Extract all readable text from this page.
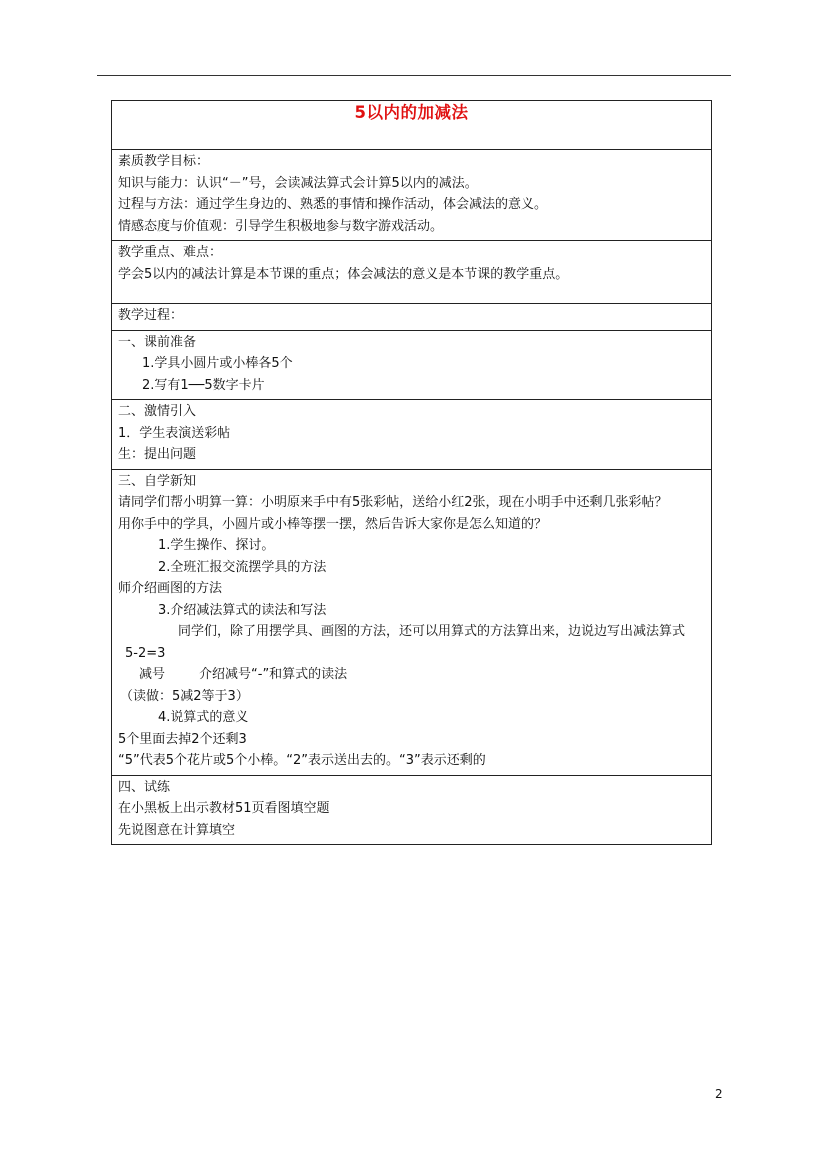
5以内的加减法

素质教学目标：
知识与能力：认识“－”号，会读减法算式会计算5以内的减法。
过程与方法：通过学生身边的、熟悉的事情和操作活动，体会减法的意义。
情感态度与价值观：引导学生积极地参与数字游戏活动。

教学重点、难点：
学会5以内的减法计算是本节课的重点；体会减法的意义是本节课的教学重点。

教学过程：

一、课前准备
1.学具小圆片或小棒各5个
2.写有1──5数字卡片

二、激情引入
1．学生表演送彩帖
生：提出问题

三、自学新知
请同学们帮小明算一算：小明原来手中有5张彩帖，送给小红2张，现在小明手中还剩几张彩帖？
用你手中的学具，小圆片或小棒等摆一摆，然后告诉大家你是怎么知道的？
1.学生操作、探讨。
2.全班汇报交流摆学具的方法
师介绍画图的方法
3.介绍减法算式的读法和写法
同学们，除了用摆学具、画图的方法，还可以用算式的方法算出来，边说边写出减法算式
5-2=3
减号	介绍减号“-”和算式的读法
（读做：5减2等于3）
4.说算式的意义
5个里面去掉2个还剩3
“5”代表5个花片或5个小棒。“2”表示送出去的。“3”表示还剩的

四、试练
在小黑板上出示教材51页看图填空题
先说图意在计算填空
2
